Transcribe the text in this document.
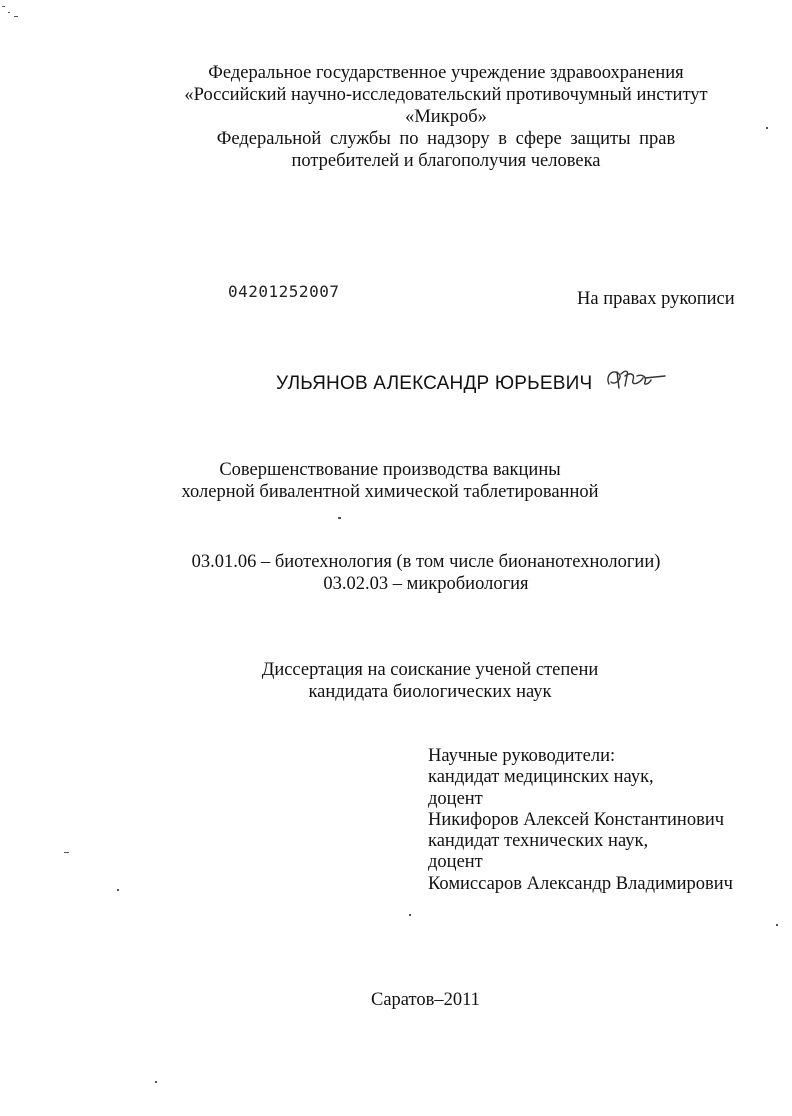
Федеральное государственное учреждение здравоохранения
«Российский научно-исследовательский противочумный институт
«Микроб»
Федеральной службы по надзору в сфере защиты прав
потребителей и благополучия человека
04201252007	На правах рукописи
УЛЬЯНОВ АЛЕКСАНДР ЮРЬЕВИЧ
Совершенствование производства вакцины
холерной бивалентной химической таблетированной
03.01.06 – биотехнология (в том числе бионанотехнологии)
03.02.03 – микробиология
Диссертация на соискание ученой степени
кандидата биологических наук
Научные руководители:
кандидат медицинских наук,
доцент
Никифоров Алексей Константинович
кандидат технических наук,
доцент
Комиссаров Александр Владимирович
Саратов–2011
